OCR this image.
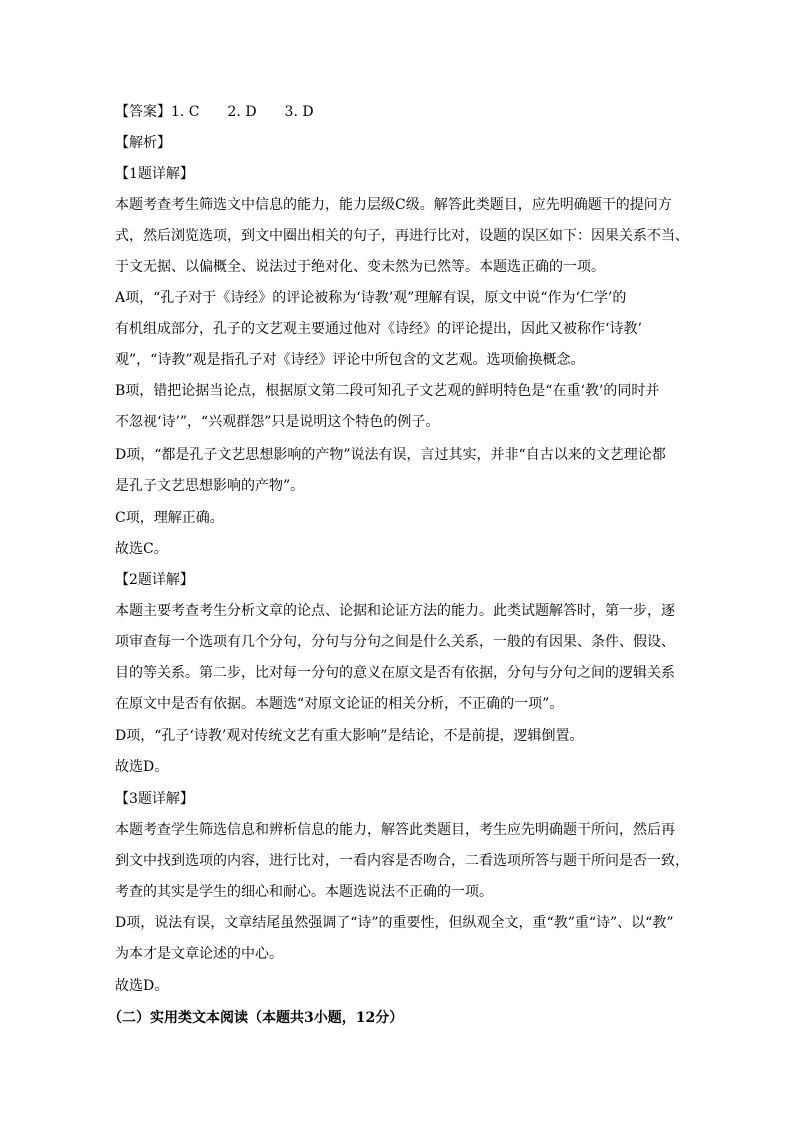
【答案】1. C　　2. D　　3. D
【解析】
【1题详解】
本题考查考生筛选文中信息的能力，能力层级C级。解答此类题目，应先明确题干的提问方
式，然后浏览选项，到文中圈出相关的句子，再进行比对，设题的误区如下：因果关系不当、
于文无据、以偏概全、说法过于绝对化、变未然为已然等。本题选正确的一项。
A项，“孔子对于《诗经》的评论被称为‘诗教’观”理解有误，原文中说“作为‘仁学’的
有机组成部分，孔子的文艺观主要通过他对《诗经》的评论提出，因此又被称作‘诗教’
观”，“诗教”观是指孔子对《诗经》评论中所包含的文艺观。选项偷换概念。
B项，错把论据当论点，根据原文第二段可知孔子文艺观的鲜明特色是“在重‘教’的同时并
不忽视‘诗’”，“兴观群怨”只是说明这个特色的例子。
D项，“都是孔子文艺思想影响的产物”说法有误，言过其实，并非“自古以来的文艺理论都
是孔子文艺思想影响的产物”。
C项，理解正确。
故选C。
【2题详解】
本题主要考查考生分析文章的论点、论据和论证方法的能力。此类试题解答时，第一步，逐
项审查每一个选项有几个分句，分句与分句之间是什么关系，一般的有因果、条件、假设、
目的等关系。第二步，比对每一分句的意义在原文是否有依据，分句与分句之间的逻辑关系
在原文中是否有依据。本题选“对原文论证的相关分析，不正确的一项”。
D项，“孔子‘诗教’观对传统文艺有重大影响”是结论，不是前提，逻辑倒置。
故选D。
【3题详解】
本题考查学生筛选信息和辨析信息的能力，解答此类题目，考生应先明确题干所问，然后再
到文中找到选项的内容，进行比对，一看内容是否吻合，二看选项所答与题干所问是否一致，
考查的其实是学生的细心和耐心。本题选说法不正确的一项。
D项，说法有误，文章结尾虽然强调了“诗”的重要性，但纵观全文，重“教”重“诗”、以“教”
为本才是文章论述的中心。
故选D。
（二）实用类文本阅读（本题共3小题，12分）
